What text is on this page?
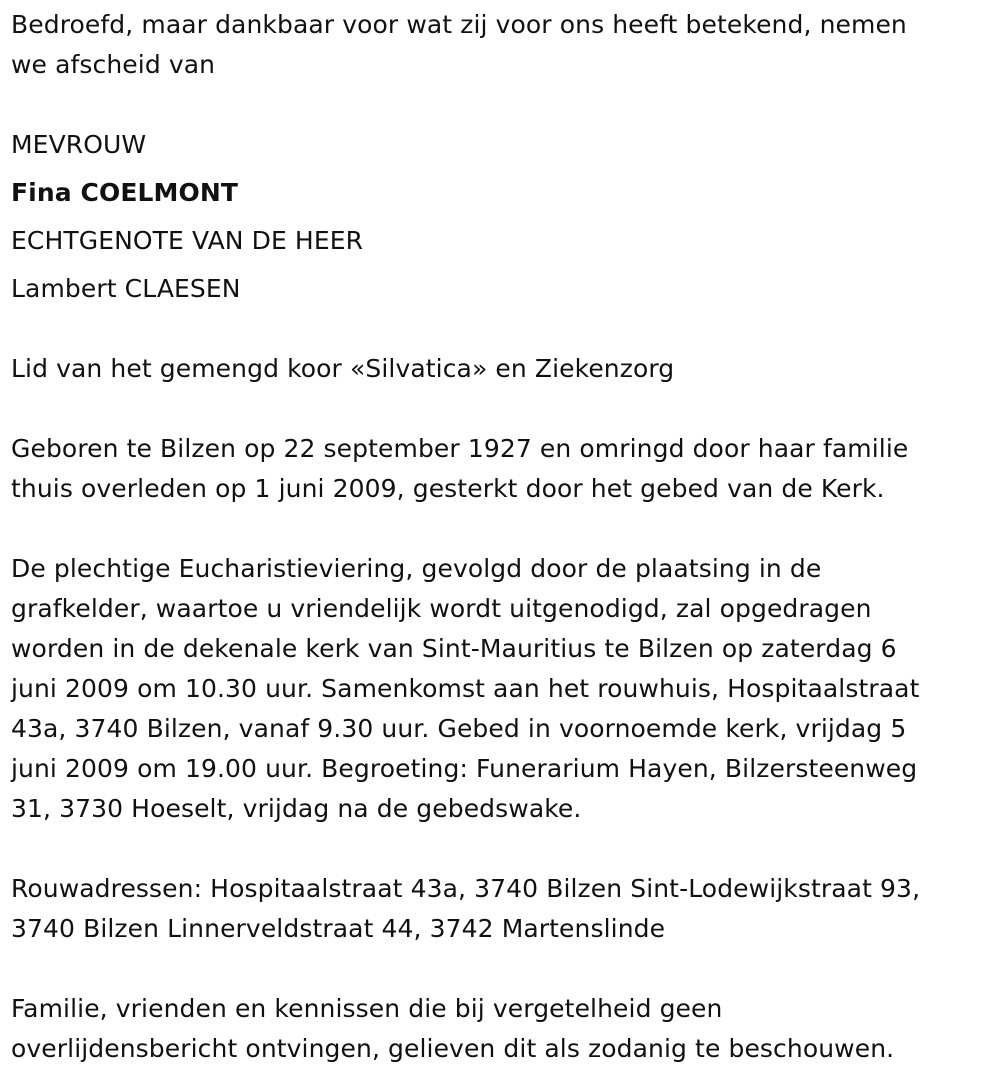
Bedroefd, maar dankbaar voor wat zij voor ons heeft betekend, nemen
we afscheid van
MEVROUW
Fina COELMONT
ECHTGENOTE VAN DE HEER
Lambert CLAESEN
Lid van het gemengd koor «Silvatica» en Ziekenzorg
Geboren te Bilzen op 22 september 1927 en omringd door haar familie
thuis overleden op 1 juni 2009, gesterkt door het gebed van de Kerk.
De plechtige Eucharistieviering, gevolgd door de plaatsing in de
grafkelder, waartoe u vriendelijk wordt uitgenodigd, zal opgedragen
worden in de dekenale kerk van Sint-Mauritius te Bilzen op zaterdag 6
juni 2009 om 10.30 uur. Samenkomst aan het rouwhuis, Hospitaalstraat
43a, 3740 Bilzen, vanaf 9.30 uur. Gebed in voornoemde kerk, vrijdag 5
juni 2009 om 19.00 uur. Begroeting: Funerarium Hayen, Bilzersteenweg
31, 3730 Hoeselt, vrijdag na de gebedswake.
Rouwadressen: Hospitaalstraat 43a, 3740 Bilzen Sint-Lodewijkstraat 93,
3740 Bilzen Linnerveldstraat 44, 3742 Martenslinde
Familie, vrienden en kennissen die bij vergetelheid geen
overlijdensbericht ontvingen, gelieven dit als zodanig te beschouwen.
